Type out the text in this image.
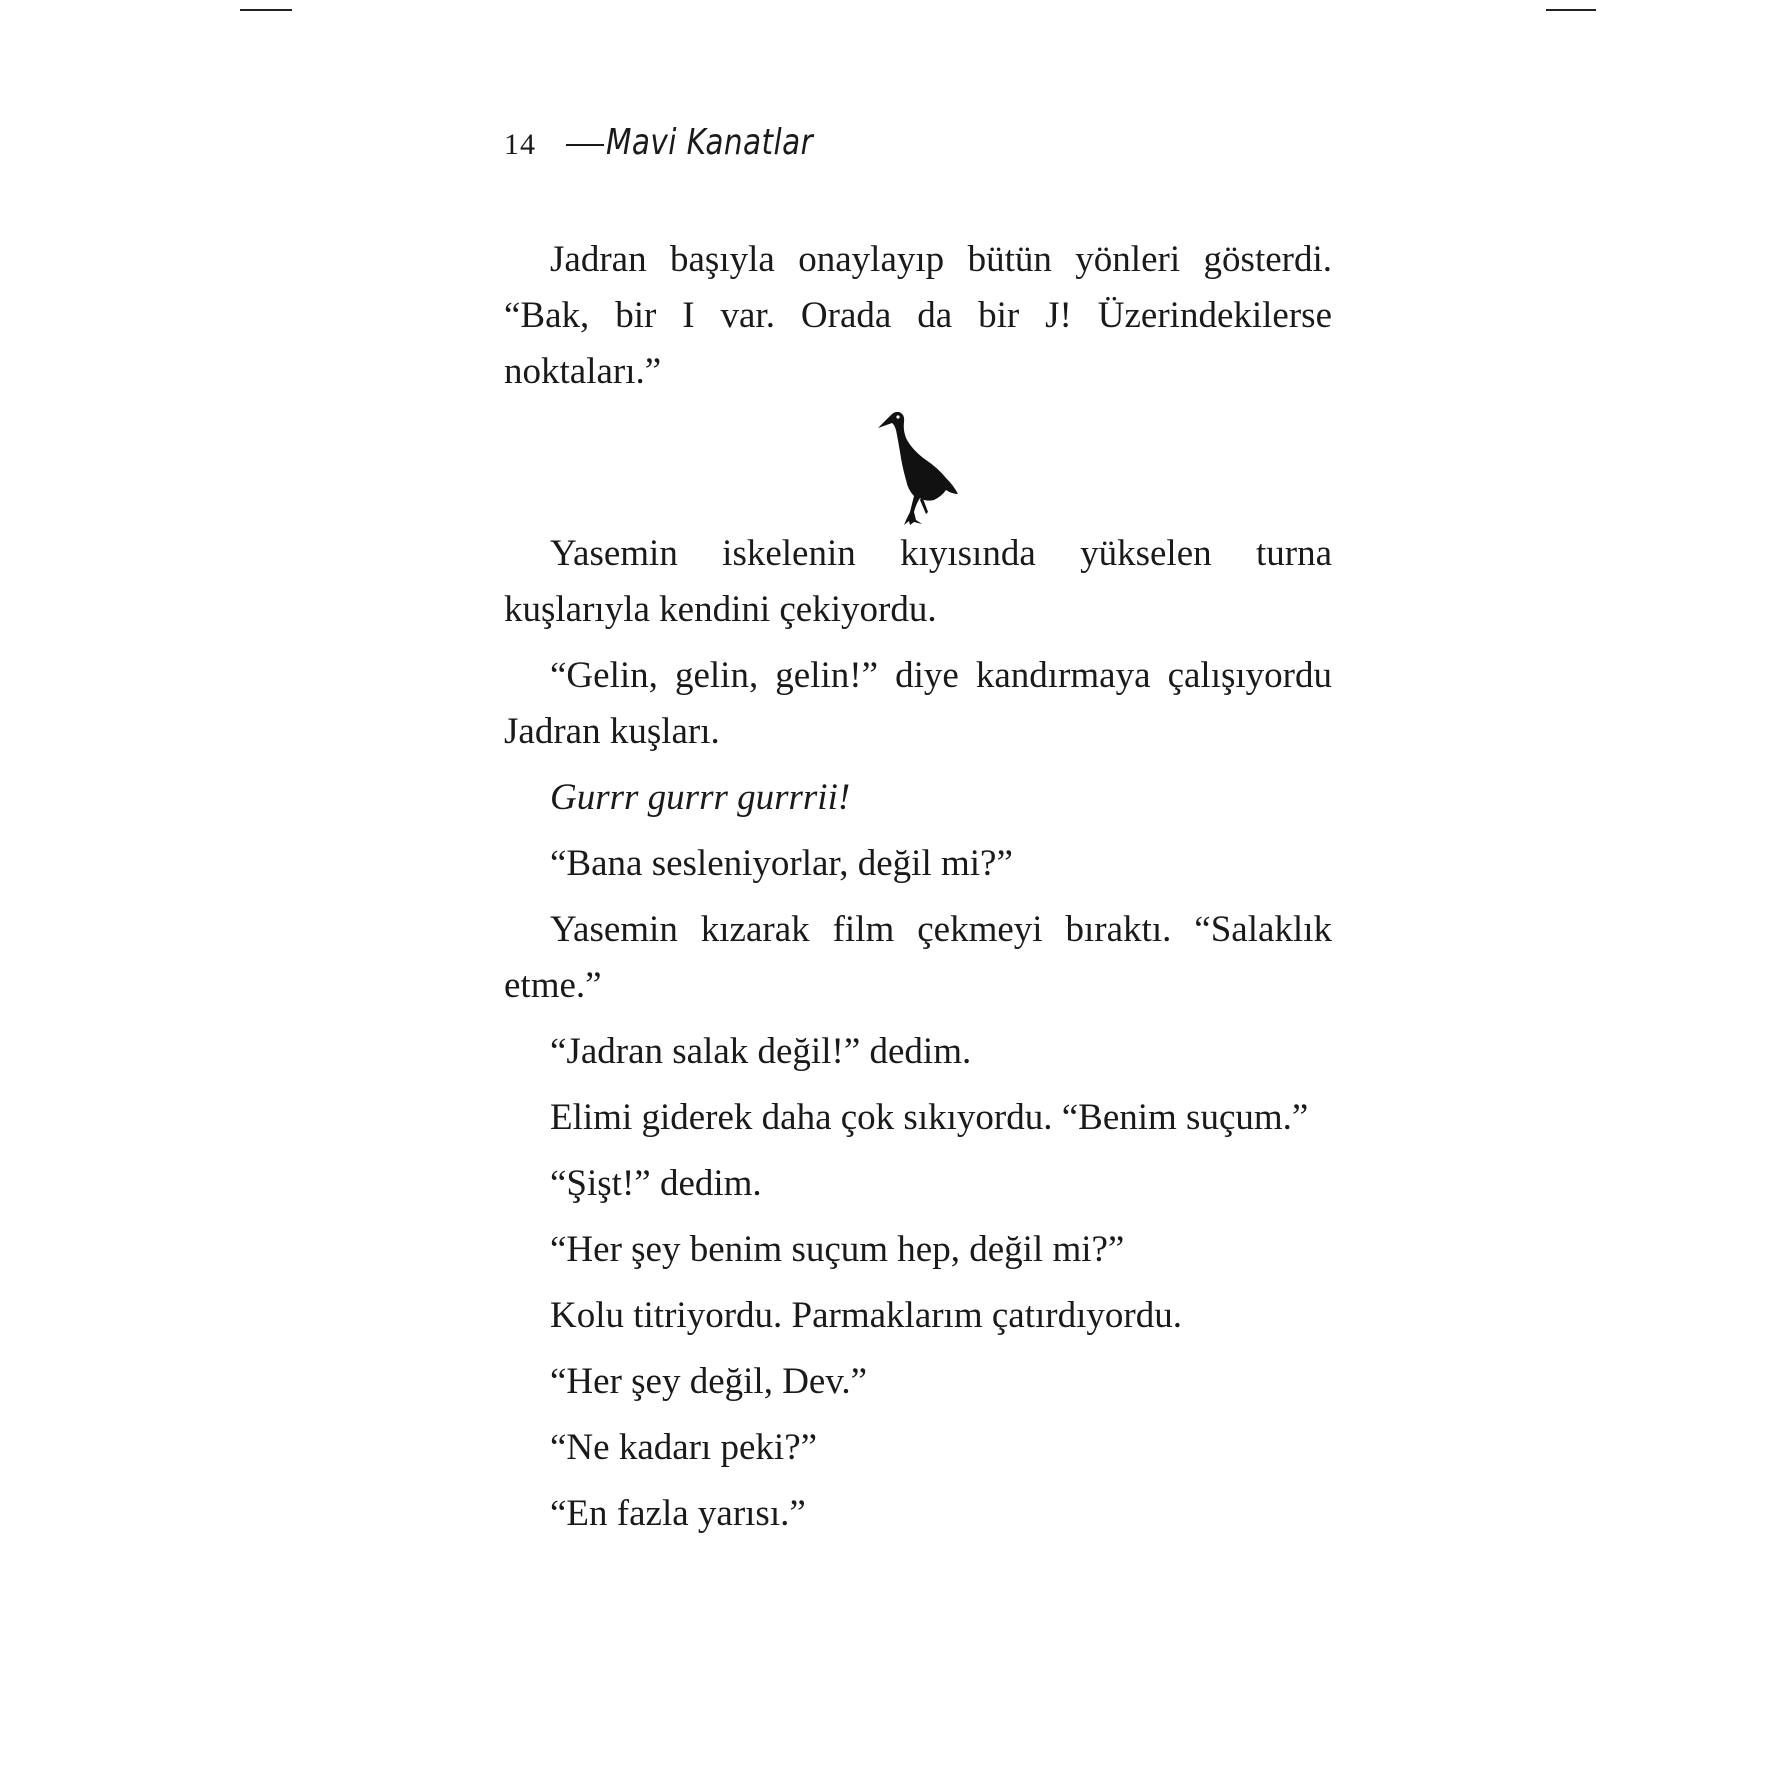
14 Mavi Kanatlar

Jadran başıyla onaylayıp bütün yönleri gösterdi. “Bak, bir I var. Orada da bir J! Üzerindekilerse noktaları.”

Yasemin iskelenin kıyısında yükselen turna kuşlarıyla kendini çekiyordu.

“Gelin, gelin, gelin!” diye kandırmaya çalışıyordu Jadran kuşları.

Gurrr gurrr gurrrii!

“Bana sesleniyorlar, değil mi?”

Yasemin kızarak film çekmeyi bıraktı. “Salaklık etme.”

“Jadran salak değil!” dedim.

Elimi giderek daha çok sıkıyordu. “Benim suçum.”

“Şişt!” dedim.

“Her şey benim suçum hep, değil mi?”

Kolu titriyordu. Parmaklarım çatırdıyordu.

“Her şey değil, Dev.”

“Ne kadarı peki?”

“En fazla yarısı.”
